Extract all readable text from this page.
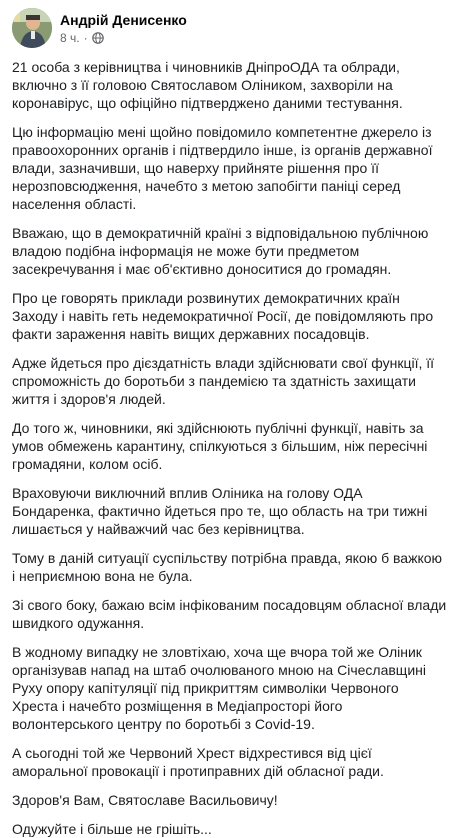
Андрій Денисенко
8 ч. ·

21 особа з керівництва і чиновників ДніпроОДА та облради, включно з її головою Святославом Оліником, захворіли на коронавірус, що офіційно підтверджено даними тестування.

Цю інформацію мені щойно повідомило компетентне джерело із правоохоронних органів і підтвердило інше, із органів державної влади, зазначивши, що наверху прийняте рішення про її нерозповсюдження, начебто з метою запобігти паніці серед населення області.

Вважаю, що в демократичній країні з відповідальною публічною владою подібна інформація не може бути предметом засекречування і має об'єктивно доноситися до громадян.

Про це говорять приклади розвинутих демократичних країн Заходу і навіть геть недемократичної Росії, де повідомляють про факти зараження навіть вищих державних посадовців.

Адже йдеться про дієздатність влади здійснювати свої функції, її спроможність до боротьби з пандемією та здатність захищати життя і здоров'я людей.

До того ж, чиновники, які здійснюють публічні функції, навіть за умов обмежень карантину, спілкуються з більшим, ніж пересічні громадяни, колом осіб.

Враховуючи виключний вплив Оліника на голову ОДА Бондаренка, фактично йдеться про те, що область на три тижні лишається у найважчий час без керівництва.

Тому в даній ситуації суспільству потрібна правда, якою б важкою і неприємною вона не була.

Зі свого боку, бажаю всім інфікованим посадовцям обласної влади швидкого одужання.

В жодному випадку не зловтіхаю, хоча ще вчора той же Оліник організував напад на штаб очолюваного мною на Січеславщині Руху опору капітуляції під прикриттям символіки Червоного Хреста і начебто розміщення в Медіапросторі його волонтерського центру по боротьбі з Covid-19.

А сьогодні той же Червоний Хрест відхрестився від цієї аморальної провокації і протиправних дій обласної ради.

Здоров'я Вам, Святославе Васильовичу!

Одужуйте і більше не грішіть...
